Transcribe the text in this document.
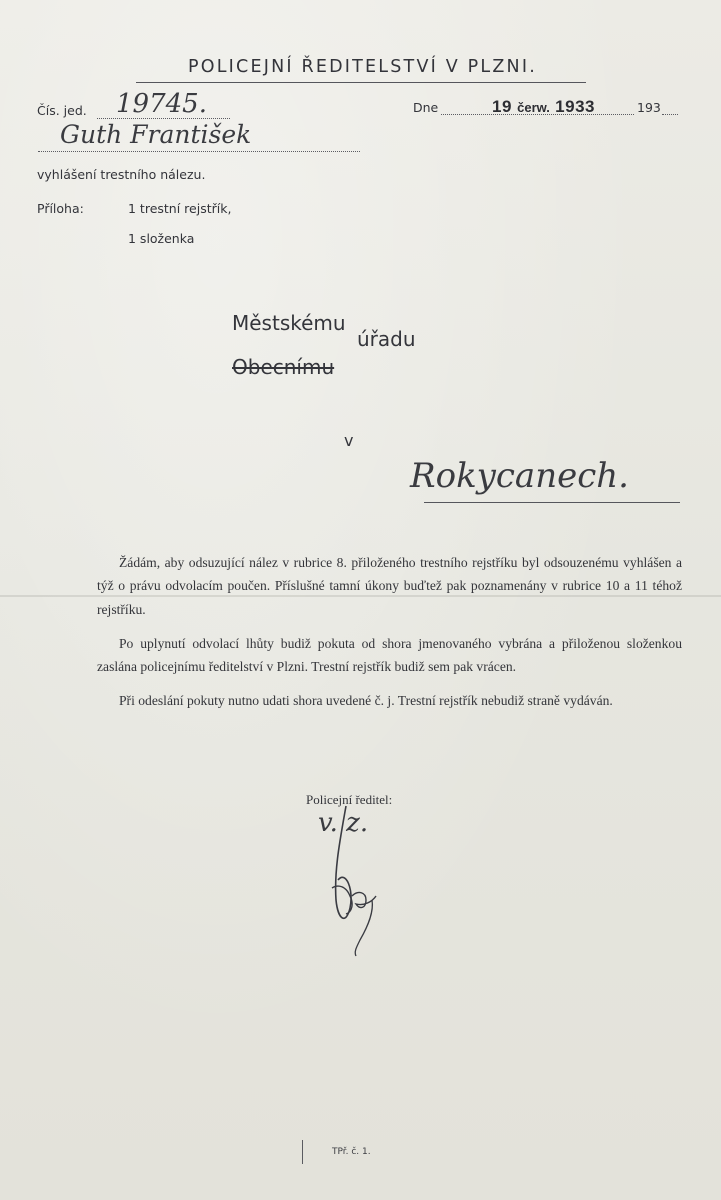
POLICEJNÍ ŘEDITELSTVÍ V PLZNI.
Čís. jed. 19745.	Dne	19 čerw. 1933	193
Guth František
vyhlášení trestního nálezu.
Příloha:	1 trestní rejstřík,
1 složenka
Městskému
úřadu
Obecnímu
v
Rokycanech.

Žádám, aby odsuzující nález v rubrice 8. přiloženého trestního rejstříku byl odsouzenému vyhlášen a týž o právu odvolacím poučen. Příslušné tamní úkony buďtež pak poznamenány v rubrice 10 a 11 téhož rejstříku.

Po uplynutí odvolací lhůty budiž pokuta od shora jmenovaného vybrána a přiloženou složenkou zaslána policejnímu ředitelství v Plzni. Trestní rejstřík budiž sem pak vrácen.

Při odeslání pokuty nutno udati shora uvedené č. j. Trestní rejstřík nebudiž straně vydáván.

Policejní ředitel:
v. z.
TPř. č. 1.
